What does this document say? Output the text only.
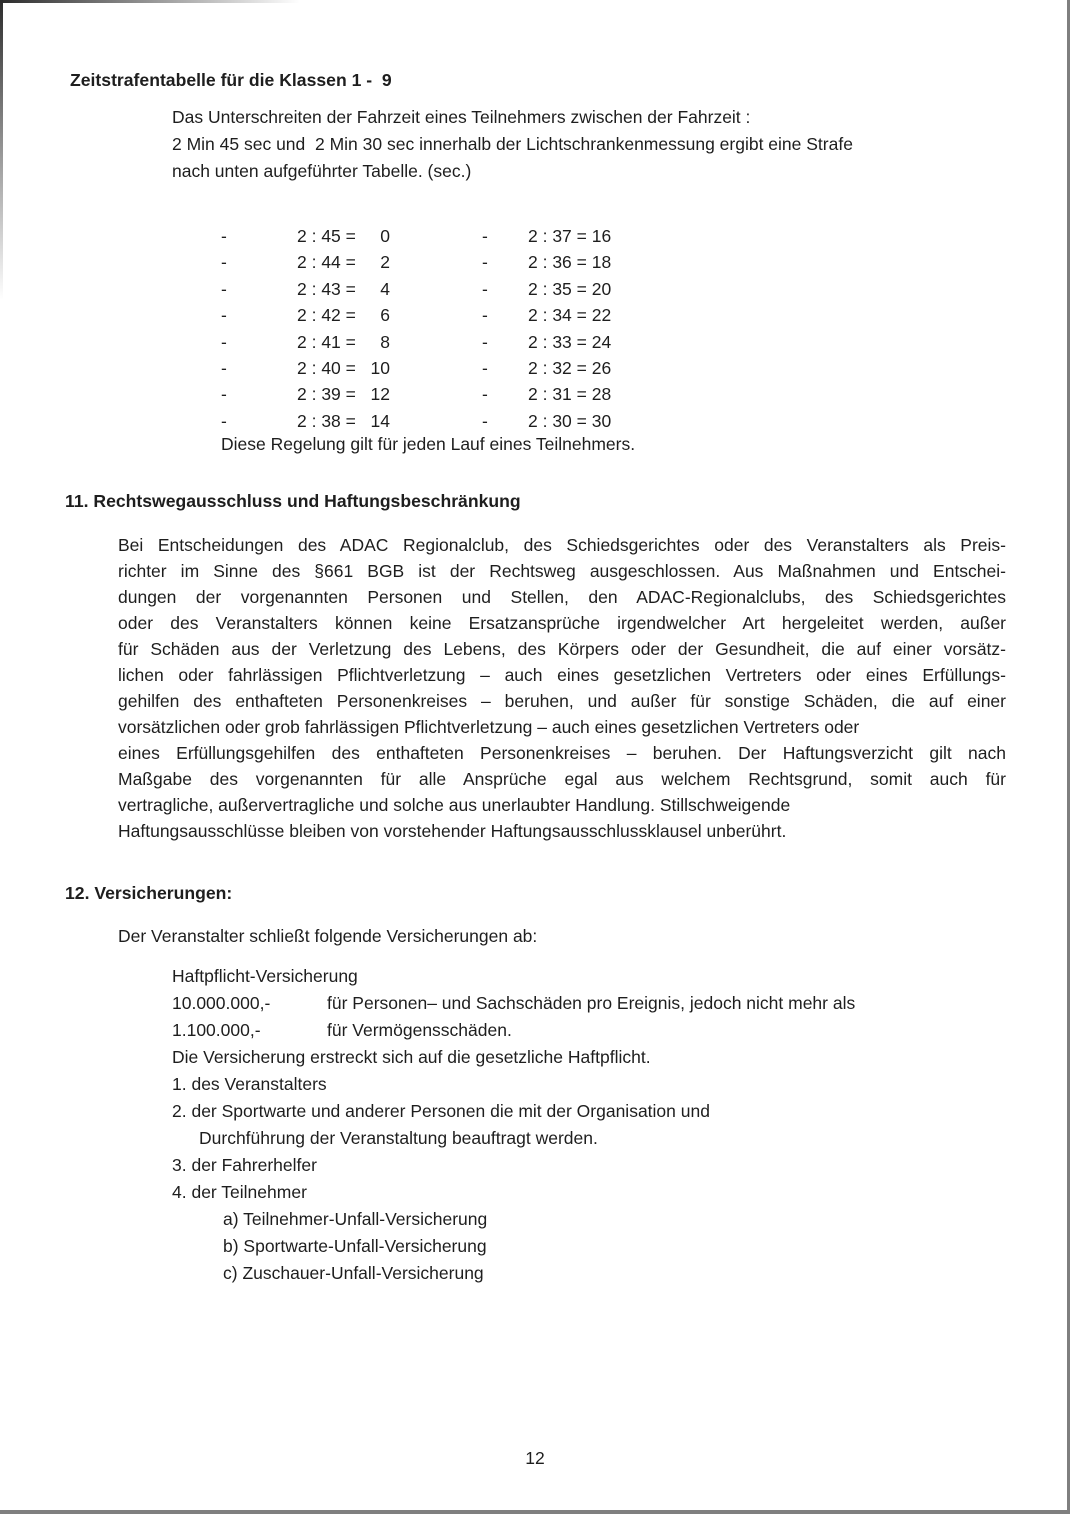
Zeitstrafentabelle für die Klassen 1 -  9
Das Unterschreiten der Fahrzeit eines Teilnehmers zwischen der Fahrzeit :
2 Min 45 sec und  2 Min 30 sec innerhalb der Lichtschrankenmessung ergibt eine Strafe
nach unten aufgeführter Tabelle. (sec.)
-	2 : 45 =	0	- 2 : 37 = 16
-	2 : 44 =	2	- 2 : 36 = 18
-	2 : 43 =	4	- 2 : 35 = 20
-	2 : 42 =	6	- 2 : 34 = 22
-	2 : 41 =	8	- 2 : 33 = 24
-	2 : 40 = 10	- 2 : 32 = 26
-	2 : 39 = 12	- 2 : 31 = 28
-	2 : 38 = 14	- 2 : 30 = 30
Diese Regelung gilt für jeden Lauf eines Teilnehmers.
11. Rechtswegausschluss und Haftungsbeschränkung
Bei Entscheidungen des ADAC Regionalclub, des Schiedsgerichtes oder des Veranstalters als Preis-
richter im Sinne des §661 BGB ist der Rechtsweg ausgeschlossen. Aus Maßnahmen und Entschei-
dungen der vorgenannten Personen und Stellen, den ADAC-Regionalclubs, des Schiedsgerichtes
oder des Veranstalters können keine Ersatzansprüche irgendwelcher Art hergeleitet werden, außer
für Schäden aus der Verletzung des Lebens, des Körpers oder der Gesundheit, die auf einer vorsätz-
lichen oder fahrlässigen Pflichtverletzung – auch eines gesetzlichen Vertreters oder eines Erfüllungs-
gehilfen des enthafteten Personenkreises – beruhen, und außer für sonstige Schäden, die auf einer
vorsätzlichen oder grob fahrlässigen Pflichtverletzung – auch eines gesetzlichen Vertreters oder
eines Erfüllungsgehilfen des enthafteten Personenkreises – beruhen. Der Haftungsverzicht gilt nach
Maßgabe des vorgenannten für alle Ansprüche egal aus welchem Rechtsgrund, somit auch für
vertragliche, außervertragliche und solche aus unerlaubter Handlung. Stillschweigende
Haftungsausschlüsse bleiben von vorstehender Haftungsausschlussklausel unberührt.
12. Versicherungen:
Der Veranstalter schließt folgende Versicherungen ab:
Haftpflicht-Versicherung
10.000.000,-	für Personen– und Sachschäden pro Ereignis, jedoch nicht mehr als
1.100.000,-	für Vermögensschäden.
Die Versicherung erstreckt sich auf die gesetzliche Haftpflicht.
1. des Veranstalters
2. der Sportwarte und anderer Personen die mit der Organisation und
Durchführung der Veranstaltung beauftragt werden.
3. der Fahrerhelfer
4. der Teilnehmer
a) Teilnehmer-Unfall-Versicherung
b) Sportwarte-Unfall-Versicherung
c) Zuschauer-Unfall-Versicherung
12
